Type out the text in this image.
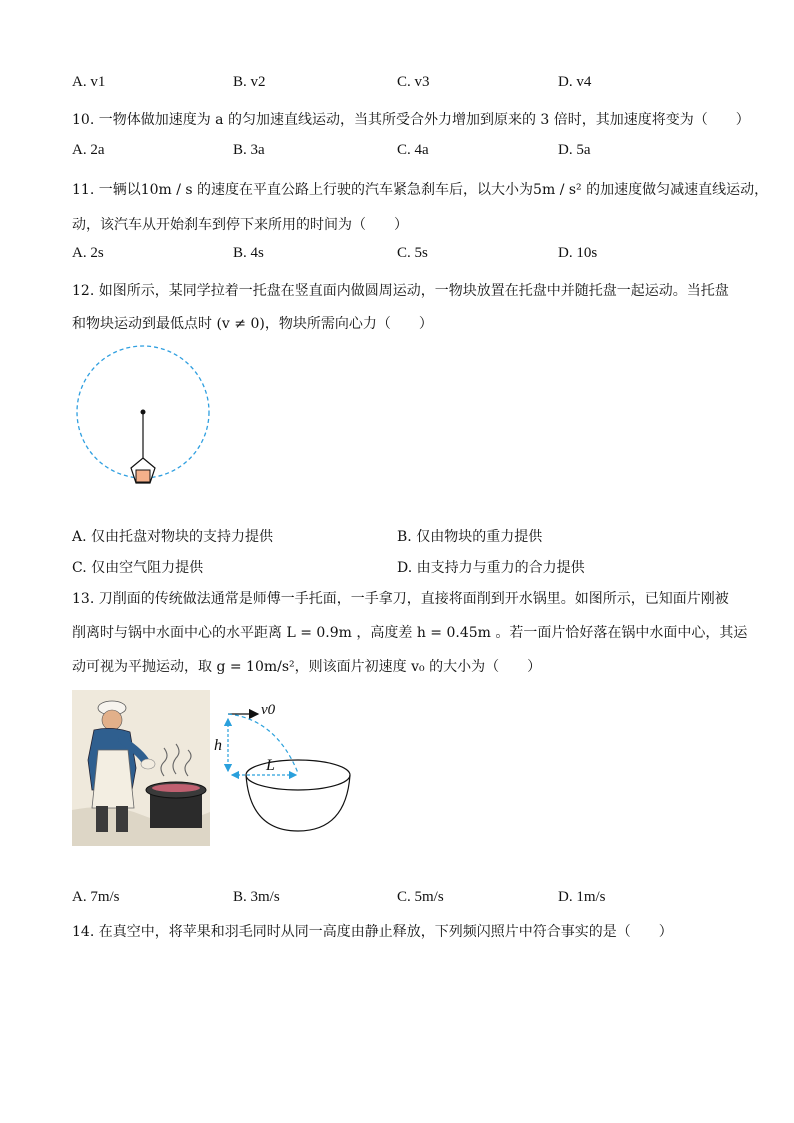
A. v1	B. v2	C. v3	D. v4
10. 一物体做加速度为 a 的匀加速直线运动，当其所受合外力增加到原来的 3 倍时，其加速度将变为（　　）
A. 2a	B. 3a	C. 4a	D. 5a
11. 一辆以10m / s 的速度在平直公路上行驶的汽车紧急刹车后，以大小为5m / s² 的加速度做匀减速直线运动，
动，该汽车从开始刹车到停下来所用的时间为（　　）
A. 2s	B. 4s	C. 5s	D. 10s
12. 如图所示，某同学拉着一托盘在竖直面内做圆周运动，一物块放置在托盘中并随托盘一起运动。当托盘
和物块运动到最低点时 (v ≠ 0)，物块所需向心力（　　）
A. 仅由托盘对物块的支持力提供	B. 仅由物块的重力提供
C. 仅由空气阻力提供	D. 由支持力与重力的合力提供
13. 刀削面的传统做法通常是师傅一手托面，一手拿刀，直接将面削到开水锅里。如图所示，已知面片刚被
削离时与锅中水面中心的水平距离 L = 0.9m ，高度差 h = 0.45m 。若一面片恰好落在锅中水面中心，其运
动可视为平抛运动，取 g = 10m/s²，则该面片初速度 v₀ 的大小为（　　）
v0
h
L
A. 7m/s	B. 3m/s	C. 5m/s	D. 1m/s
14. 在真空中，将苹果和羽毛同时从同一高度由静止释放，下列频闪照片中符合事实的是（　　）
